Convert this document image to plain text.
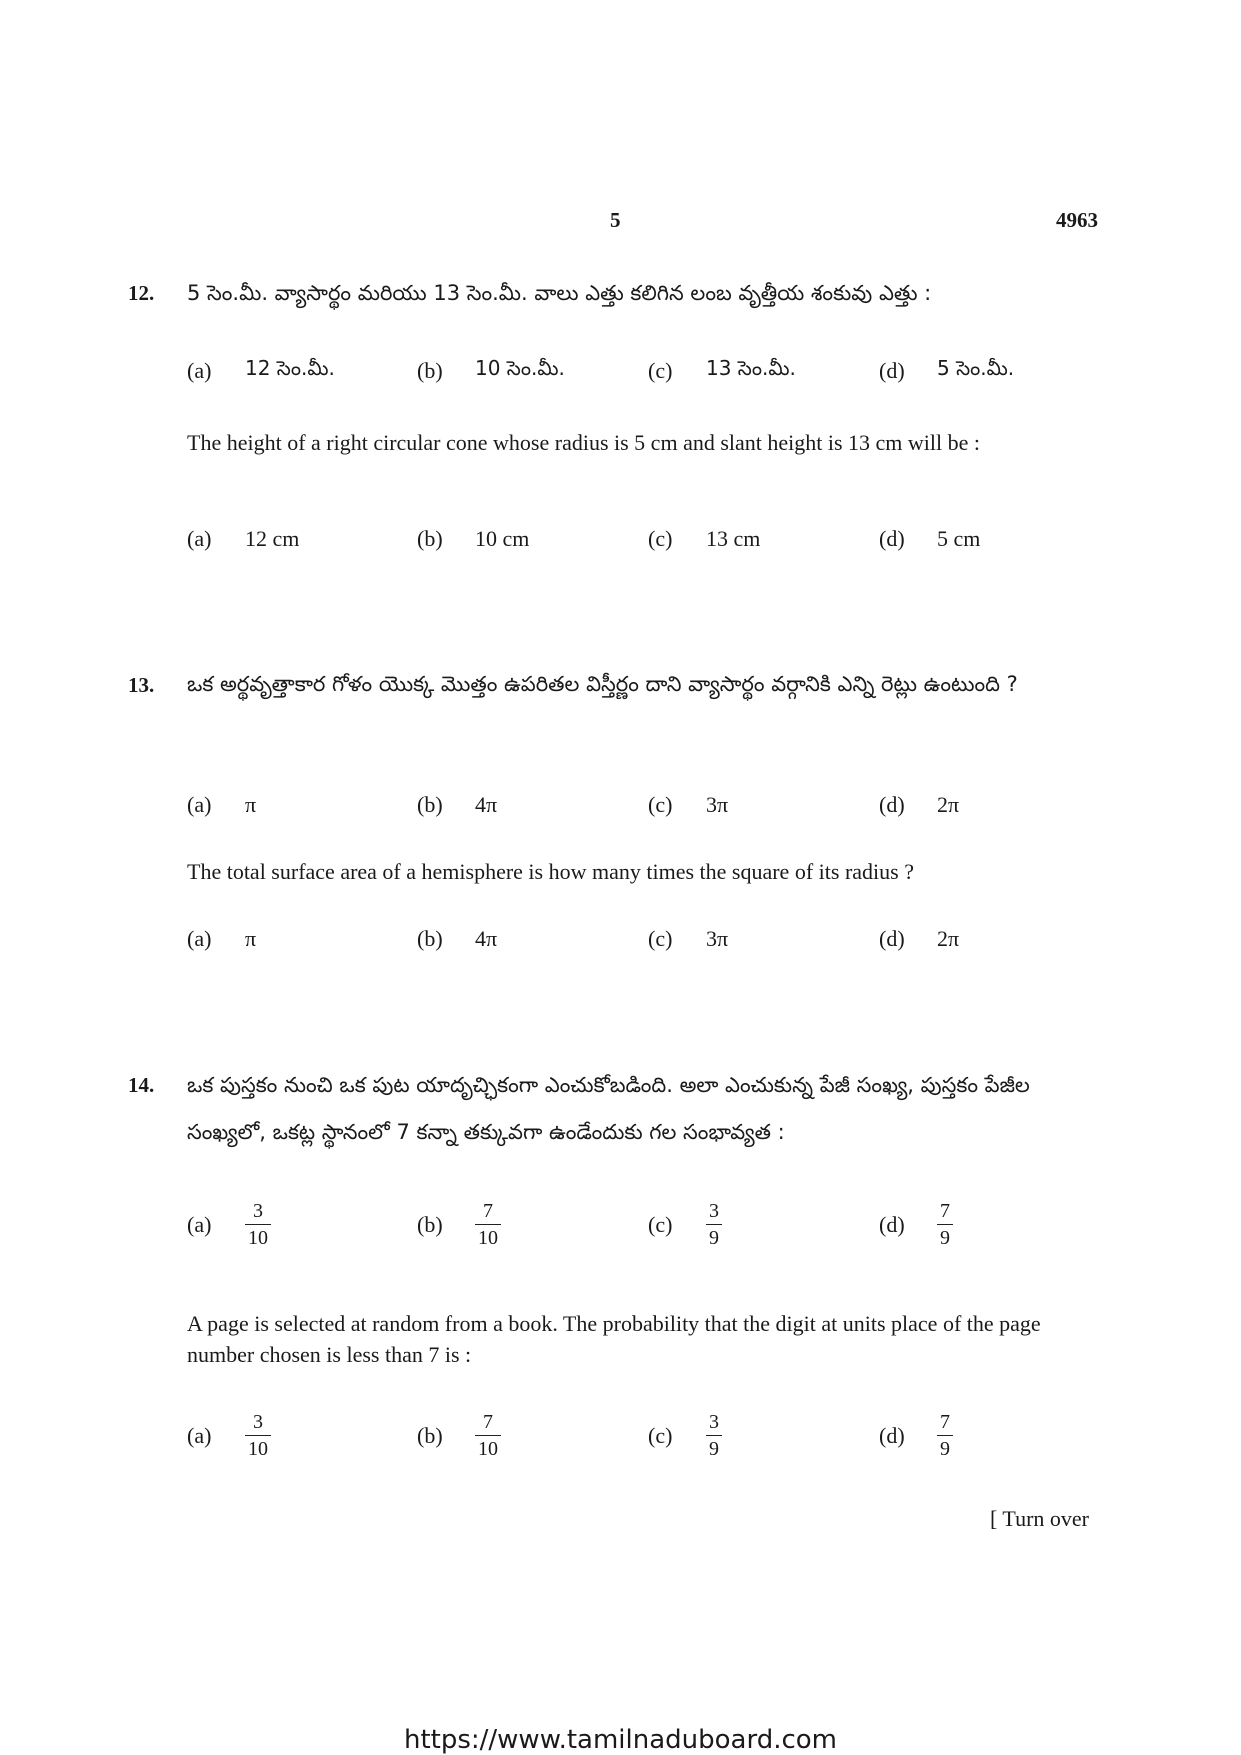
5	4963
12. 5 సెం.మీ. వ్యాసార్థం మరియు 13 సెం.మీ. వాలు ఎత్తు కలిగిన లంబ వృత్తీయ శంకువు ఎత్తు :
(a)	12 సెం.మీ.	(b)	10 సెం.మీ.	(c)	13 సెం.మీ.	(d)	5 సెం.మీ.
The height of a right circular cone whose radius is 5 cm and slant height is 13 cm will be :
(a)	12 cm	(b)	10 cm	(c)	13 cm	(d)	5 cm
13. ఒక అర్థవృత్తాకార గోళం యొక్క మొత్తం ఉపరితల విస్తీర్ణం దాని వ్యాసార్థం వర్గానికి ఎన్ని రెట్లు ఉంటుంది ?
(a)	π	(b)	4π	(c)	3π	(d)	2π
The total surface area of a hemisphere is how many times the square of its radius ?
(a)	π	(b)	4π	(c)	3π	(d)	2π
14. ఒక పుస్తకం నుంచి ఒక పుట యాదృచ్ఛికంగా ఎంచుకోబడింది. అలా ఎంచుకున్న పేజీ సంఖ్య, పుస్తకం పేజీల సంఖ్యలో, ఒకట్ల స్థానంలో 7 కన్నా తక్కువగా ఉండేందుకు గల సంభావ్యత :
(a)	$\frac{3}{10}$	(b)	$\frac{7}{10}$	(c)	$\frac{3}{9}$	(d)	$\frac{7}{9}$
A page is selected at random from a book. The probability that the digit at units place of the page number chosen is less than 7 is :
(a)	$\frac{3}{10}$	(b)	$\frac{7}{10}$	(c)	$\frac{3}{9}$	(d)	$\frac{7}{9}$
[ Turn over
https://www.tamilnaduboard.com
